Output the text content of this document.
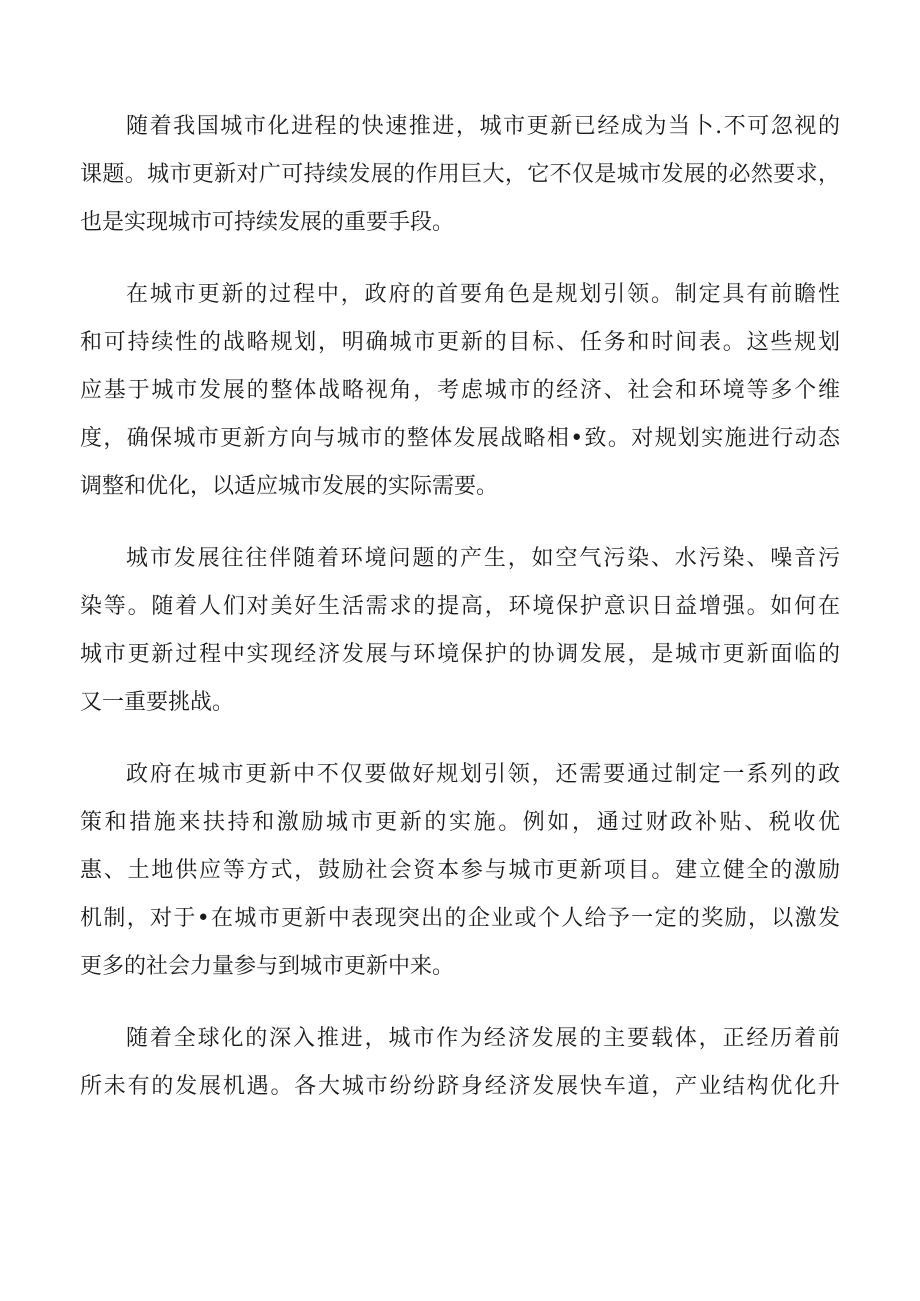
随着我国城市化进程的快速推进，城市更新已经成为当卜.不可忽视的
课题。城市更新对广可持续发展的作用巨大，它不仅是城市发展的必然要求，
也是实现城市可持续发展的重要手段。

在城市更新的过程中，政府的首要角色是规划引领。制定具有前瞻性
和可持续性的战略规划，明确城市更新的目标、任务和时间表。这些规划
应基于城市发展的整体战略视角，考虑城市的经济、社会和环境等多个维
度，确保城市更新方向与城市的整体发展战略相•致。对规划实施进行动态
调整和优化，以适应城市发展的实际需要。

城市发展往往伴随着环境问题的产生，如空气污染、水污染、噪音污
染等。随着人们对美好生活需求的提高，环境保护意识日益增强。如何在
城市更新过程中实现经济发展与环境保护的协调发展，是城市更新面临的
又一重要挑战。

政府在城市更新中不仅要做好规划引领，还需要通过制定一系列的政
策和措施来扶持和激励城市更新的实施。例如，通过财政补贴、税收优
惠、土地供应等方式，鼓励社会资本参与城市更新项目。建立健全的激励
机制，对于•在城市更新中表现突出的企业或个人给予一定的奖励，以激发
更多的社会力量参与到城市更新中来。

随着全球化的深入推进，城市作为经济发展的主要载体，正经历着前
所未有的发展机遇。各大城市纷纷跻身经济发展快车道，产业结构优化升
